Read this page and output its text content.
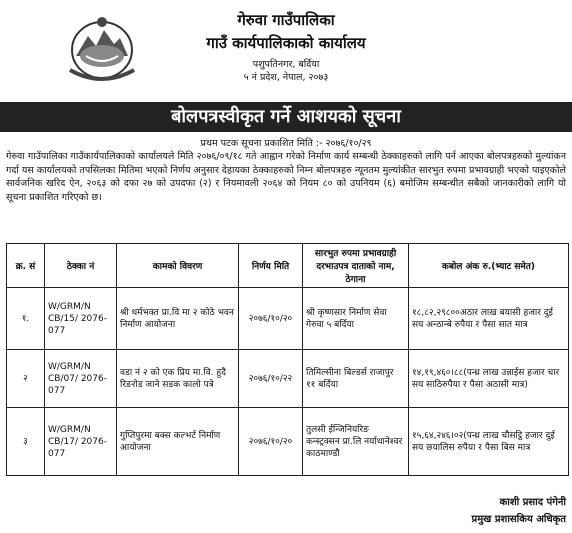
गेरुवा गाउँपालिका
गाउँ कार्यपालिकाको कार्यालय
पशुपतिनगर, बर्दिया
५ नं प्रदेश, नेपाल, २०७३
बोलपत्रस्वीकृत गर्ने आशयको सूचना
प्रथम पटक सूचना प्रकाशित मिति :- २०७६/१०/२९
गेरुवा गाउँपालिका गाउँकार्यपालिकाको कार्यालयले मिति २०७६/०९/१८ गते आह्वान गरेको निर्माण कार्य सम्बन्धी ठेक्काहरुको लागि पर्न आएका बोलपत्रहरुको मुल्यांकन गर्दा यस कार्यालयको तपसिलका मितिमा भएको निर्णय अनुसार देहायका ठेक्काहरुको निम्न बोलपत्रहरु न्यूनतम मुल्यांकीत सारभुत रुपमा प्रभावग्राही भएको पाइएकोले सार्वजनिक खरिद ऐन, २०६३ को दफा २७ को उपदफा (२) र नियमावली २०६४ को नियम ८० को उपनियम (६) बमोजिम सम्बन्धीत सबैको जानकारीको लागि यो सूचना प्रकाशित गरिएको छ।
क्र. सं	ठेक्का नं	कामको विवरण	निर्णय मिति	सारभुत रुपमा प्रभावग्राही दरभाउपत्र दाताको नाम, ठेगाना	कबोल अंक रु.(भ्याट समेत)
१.	W/GRM/N CB/15/ 2076-077	श्री धर्मभक्त प्रा.वि मा २ कोठे भवन निर्माण आयोजना	२०७६/१०/२०	श्री कृष्णसार निर्माण सेवा गेरुवा ५ बर्दिया	१८,८२,२९८००अठार लाख बयासी हजार दुई सय अन्ठान्बे रुपैया र पैसा सात मात्र
२	W/GRM/N CB/07/ 2076-077	वडा नं २ को एक प्रिय मा.वि. हुदै रिङरोड जाने सडक कालो पत्रे	२०७६/१०/२२	तिमिल्सीना बिल्डर्स राजापुर ११ बर्दिया	१४,१९,४६०।८८(पन्ध्र लाख उन्नाईस हजार चार सय साठिरुपैया र पैसा अठासी मात्र)
३	W/GRM/N CB/17/ 2076-077	गुप्तिपुरमा बक्स कल्भर्ट निर्माण आयोजना	२०७६/१०/२०	तुलसी ईन्जिनियरिङ कन्स्ट्रक्सन प्रा.लि नर्याथानेश्वर काठमाण्डौ	१५,६४,२४६।०२(पन्ध्र लाख चौसट्ठि हजार दुई सय छयालिस रुपैया र पैसा बिस मात्र
काशी प्रसाद पंगेनी
प्रमुख प्रशासकिय अधिकृत
